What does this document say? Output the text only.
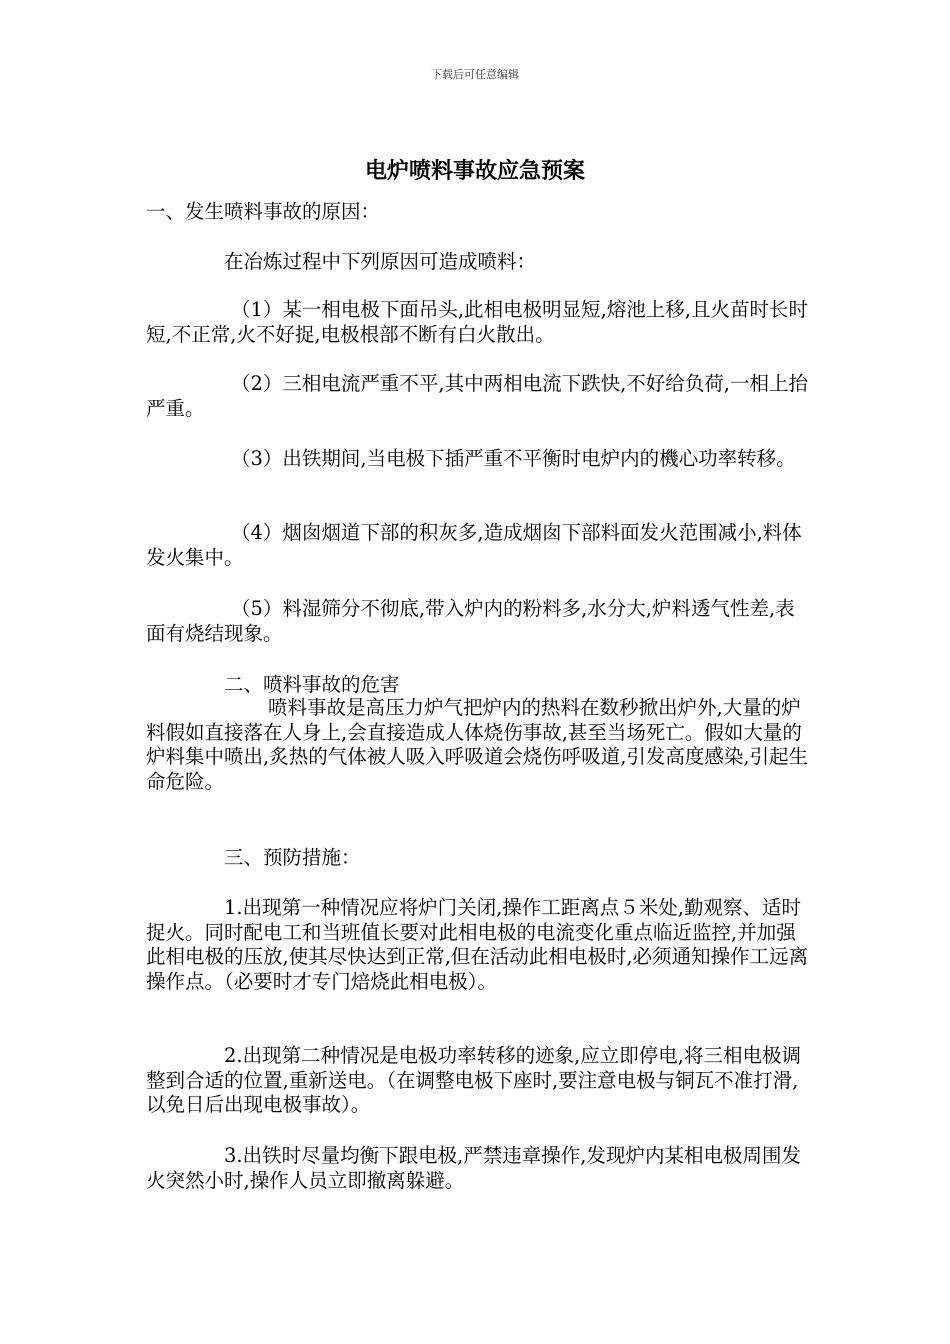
下载后可任意编辑
电炉喷料事故应急预案

一、发生喷料事故的原因：

在冶炼过程中下列原因可造成喷料：

（1）某一相电极下面吊头,此相电极明显短,熔池上移,且火苗时长时短,不正常,火不好捉,电极根部不断有白火散出。

（2）三相电流严重不平,其中两相电流下跌快,不好给负荷,一相上抬严重。

（3）出铁期间,当电极下插严重不平衡时电炉内的機心功率转移。

（4）烟囱烟道下部的积灰多,造成烟囱下部料面发火范围减小,料体发火集中。

（5）料湿筛分不彻底,带入炉内的粉料多,水分大,炉料透气性差,表面有烧结现象。

二、喷料事故的危害

喷料事故是高压力炉气把炉内的热料在数秒掀出炉外,大量的炉料假如直接落在人身上,会直接造成人体烧伤事故,甚至当场死亡。假如大量的炉料集中喷出,炙热的气体被人吸入呼吸道会烧伤呼吸道,引发高度感染,引起生命危险。

三、预防措施：

1.出现第一种情况应将炉门关闭,操作工距离点５米处,勤观察、适时捉火。同时配电工和当班值长要对此相电极的电流变化重点临近监控,并加强此相电极的压放,使其尽快达到正常,但在活动此相电极时,必须通知操作工远离操作点。（必要时才专门焙烧此相电极）。

2.出现第二种情况是电极功率转移的迹象,应立即停电,将三相电极调整到合适的位置,重新送电。（在调整电极下座时,要注意电极与铜瓦不准打滑,以免日后出现电极事故）。

3.出铁时尽量均衡下跟电极,严禁违章操作,发现炉内某相电极周围发火突然小时,操作人员立即撤离躲避。
